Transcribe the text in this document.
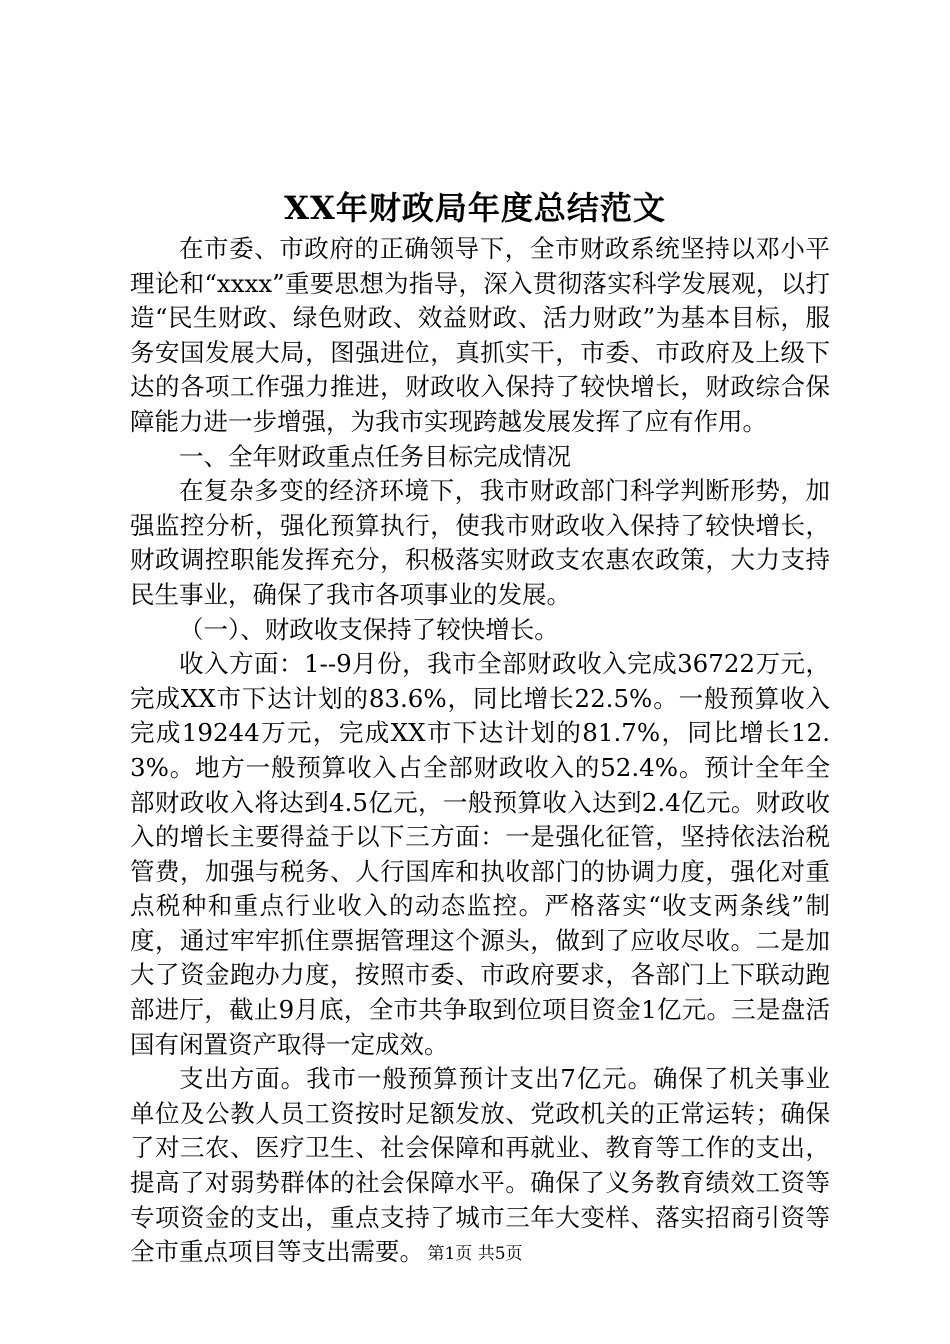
XX年财政局年度总结范文

在市委、市政府的正确领导下，全市财政系统坚持以邓小平理论和“xxxx”重要思想为指导，深入贯彻落实科学发展观，以打造“民生财政、绿色财政、效益财政、活力财政”为基本目标，服务安国发展大局，图强进位，真抓实干，市委、市政府及上级下达的各项工作强力推进，财政收入保持了较快增长，财政综合保障能力进一步增强，为我市实现跨越发展发挥了应有作用。

一、全年财政重点任务目标完成情况

在复杂多变的经济环境下，我市财政部门科学判断形势，加强监控分析，强化预算执行，使我市财政收入保持了较快增长，财政调控职能发挥充分，积极落实财政支农惠农政策，大力支持民生事业，确保了我市各项事业的发展。

（一）、财政收支保持了较快增长。

收入方面：1--9月份，我市全部财政收入完成36722万元，完成XX市下达计划的83.6%，同比增长22.5%。一般预算收入完成19244万元，完成XX市下达计划的81.7%，同比增长12.3%。地方一般预算收入占全部财政收入的52.4%。预计全年全部财政收入将达到4.5亿元，一般预算收入达到2.4亿元。财政收入的增长主要得益于以下三方面：一是强化征管，坚持依法治税管费，加强与税务、人行国库和执收部门的协调力度，强化对重点税种和重点行业收入的动态监控。严格落实“收支两条线”制度，通过牢牢抓住票据管理这个源头，做到了应收尽收。二是加大了资金跑办力度，按照市委、市政府要求，各部门上下联动跑部进厅，截止9月底，全市共争取到位项目资金1亿元。三是盘活国有闲置资产取得一定成效。

支出方面。我市一般预算预计支出7亿元。确保了机关事业单位及公教人员工资按时足额发放、党政机关的正常运转；确保了对三农、医疗卫生、社会保障和再就业、教育等工作的支出，提高了对弱势群体的社会保障水平。确保了义务教育绩效工资等专项资金的支出，重点支持了城市三年大变样、落实招商引资等全市重点项目等支出需要。 第1页 共5页
